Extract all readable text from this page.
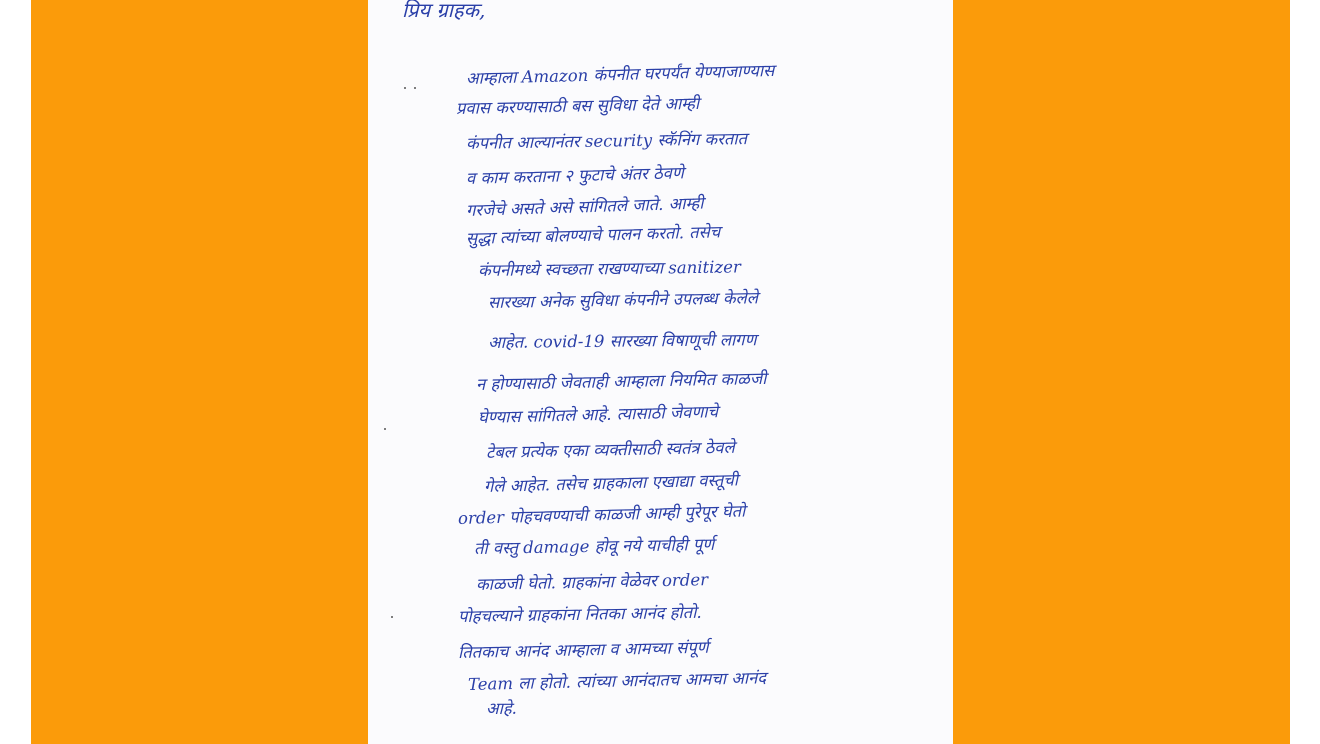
प्रिय ग्राहक,
आम्हाला Amazon कंपनीत घरपर्यंत येण्याजाण्यास
प्रवास करण्यासाठी बस सुविधा देते आम्ही
कंपनीत आल्यानंतर security स्कॅनिंग करतात
व काम करताना २ फुटाचे अंतर ठेवणे
गरजेचे असते असे सांगितले जाते. आम्ही
सुद्धा त्यांच्या बोलण्याचे पालन करतो. तसेच
कंपनीमध्ये स्वच्छता राखण्याच्या sanitizer
सारख्या अनेक सुविधा कंपनीने उपलब्ध केलेले
आहेत. covid-19 सारख्या विषाणूची लागण
न होण्यासाठी जेवताही आम्हाला नियमित काळजी
घेण्यास सांगितले आहे. त्यासाठी जेवणाचे
टेबल प्रत्येक एका व्यक्तीसाठी स्वतंत्र ठेवले
गेले आहेत. तसेच ग्राहकाला एखाद्या वस्तूची
order पोहचवण्याची काळजी आम्ही पुरेपूर घेतो
ती वस्तु damage होवू नये याचीही पूर्ण
काळजी घेतो. ग्राहकांना वेळेवर order
पोहचल्याने ग्राहकांना नितका आनंद होतो.
तितकाच आनंद आम्हाला व आमच्या संपूर्ण
Team ला होतो. त्यांच्या आनंदातच आमचा आनंद
आहे.
